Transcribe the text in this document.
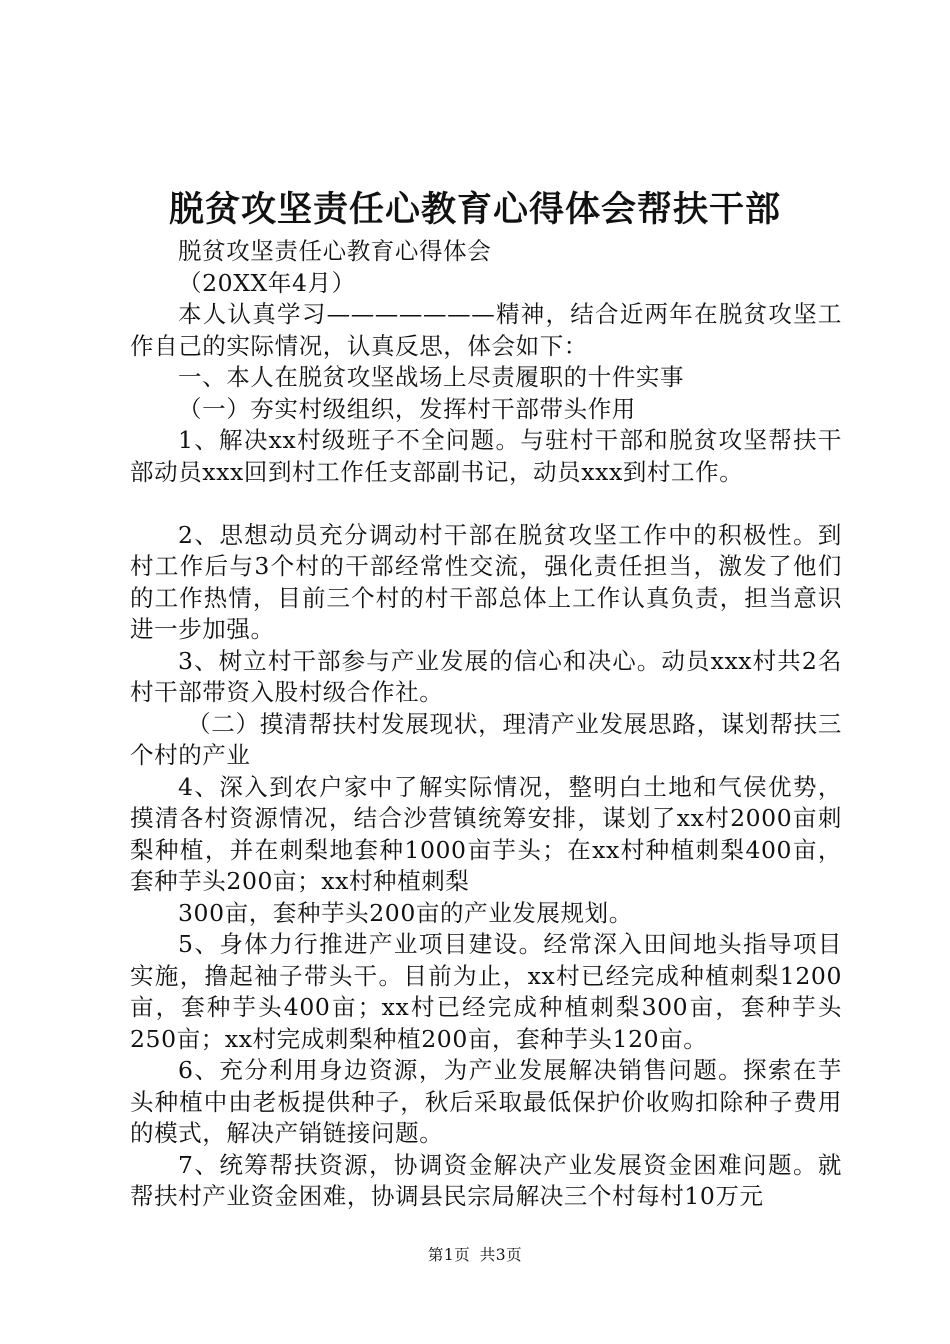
脱贫攻坚责任心教育心得体会帮扶干部

脱贫攻坚责任心教育心得体会

（20XX年4月）

本人认真学习———————精神，结合近两年在脱贫攻坚工作自己的实际情况，认真反思，体会如下：

一、本人在脱贫攻坚战场上尽责履职的十件实事

（一）夯实村级组织，发挥村干部带头作用

1、解决xx村级班子不全问题。与驻村干部和脱贫攻坚帮扶干部动员xxx回到村工作任支部副书记，动员xxx到村工作。

2、思想动员充分调动村干部在脱贫攻坚工作中的积极性。到村工作后与3个村的干部经常性交流，强化责任担当，激发了他们的工作热情，目前三个村的村干部总体上工作认真负责，担当意识进一步加强。

3、树立村干部参与产业发展的信心和决心。动员xxx村共2名村干部带资入股村级合作社。

（二）摸清帮扶村发展现状，理清产业发展思路，谋划帮扶三个村的产业

4、深入到农户家中了解实际情况，整明白土地和气侯优势，摸清各村资源情况，结合沙营镇统筹安排，谋划了xx村2000亩刺梨种植，并在刺梨地套种1000亩芋头；在xx村种植刺梨400亩，套种芋头200亩；xx村种植刺梨

300亩，套种芋头200亩的产业发展规划。

5、身体力行推进产业项目建设。经常深入田间地头指导项目实施，撸起袖子带头干。目前为止，xx村已经完成种植刺梨1200亩，套种芋头400亩；xx村已经完成种植刺梨300亩，套种芋头250亩；xx村完成刺梨种植200亩，套种芋头120亩。

6、充分利用身边资源，为产业发展解决销售问题。探索在芋头种植中由老板提供种子，秋后采取最低保护价收购扣除种子费用的模式，解决产销链接问题。

7、统筹帮扶资源，协调资金解决产业发展资金困难问题。就帮扶村产业资金困难，协调县民宗局解决三个村每村10万元

第1页 共3页
